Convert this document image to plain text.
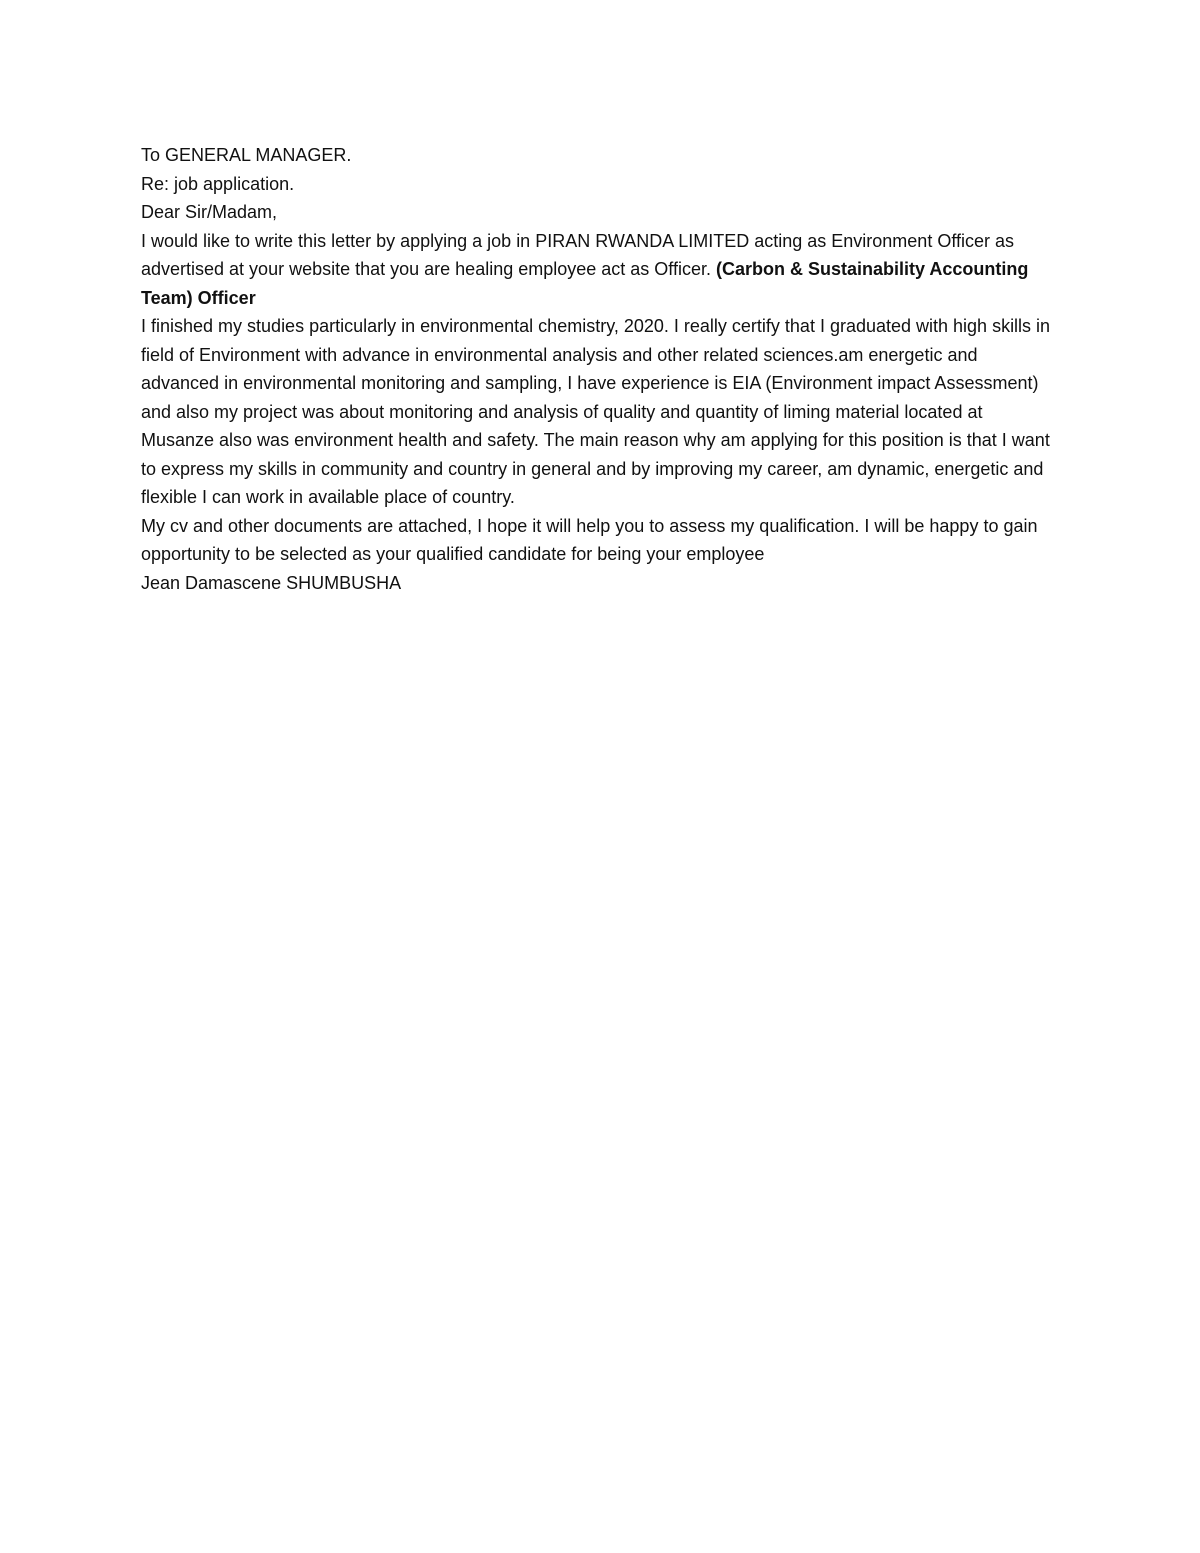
To GENERAL MANAGER.

Re: job application.

Dear Sir/Madam,

I would like to write this letter by applying a job in PIRAN RWANDA LIMITED acting as Environment Officer as advertised at your website that you are healing employee act as Officer. (Carbon & Sustainability Accounting Team) Officer

I finished my studies particularly in environmental chemistry, 2020. I really certify that I graduated with high skills in field of Environment with advance in environmental analysis and other related sciences.am energetic and advanced in environmental monitoring and sampling, I have experience is EIA (Environment impact Assessment) and also my project was about monitoring and analysis of quality and quantity of liming material located at Musanze also was environment health and safety. The main reason why am applying for this position is that I want to express my skills in community and country in general and by improving my career, am dynamic, energetic and flexible I can work in available place of country.

My cv and other documents are attached, I hope it will help you to assess my qualification. I will be happy to gain opportunity to be selected as your qualified candidate for being your employee

Jean Damascene SHUMBUSHA
